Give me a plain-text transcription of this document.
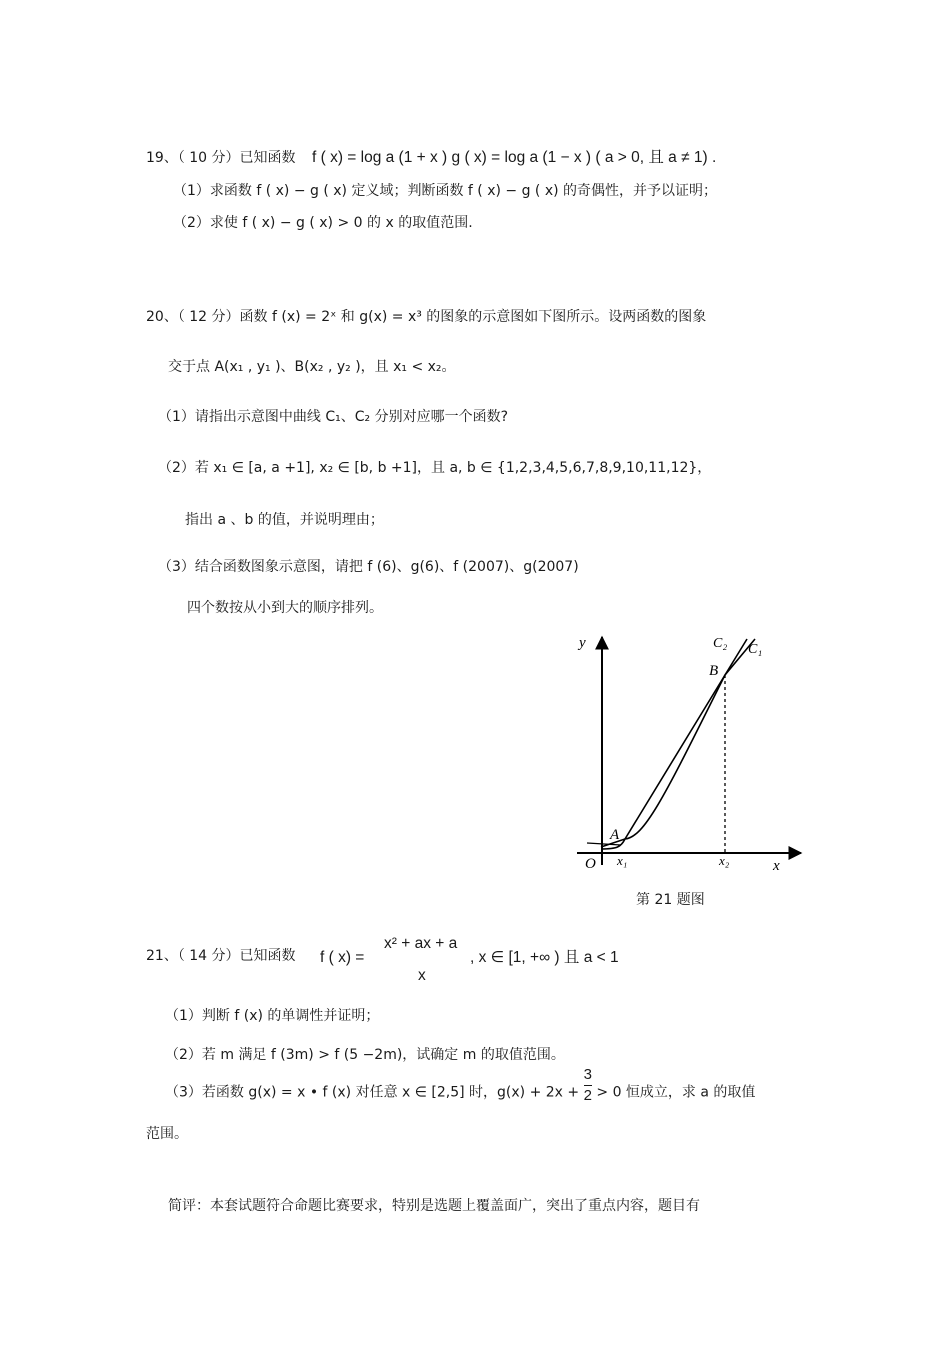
19、（ 10 分）已知函数 f ( x) = log a (1 + x ) g ( x) = log a (1 − x ) ( a > 0, 且 a ≠ 1) .
（1）求函数 f ( x) − g ( x) 定义域；判断函数 f ( x) − g ( x) 的奇偶性，并予以证明；
（2）求使 f ( x) − g ( x) > 0 的 x 的取值范围.
20、（ 12 分）函数 f (x) = 2ˣ 和 g(x) = x³ 的图象的示意图如下图所示。设两函数的图象
交于点 A(x₁ , y₁ )、B(x₂ , y₂ )，且 x₁ < x₂。
（1）请指出示意图中曲线 C₁、C₂ 分别对应哪一个函数?
（2）若 x₁ ∈ [a, a +1], x₂ ∈ [b, b +1]，且 a, b ∈ {1,2,3,4,5,6,7,8,9,10,11,12}，
指出 a 、b 的值，并说明理由；
（3）结合函数图象示意图，请把 f (6)、g(6)、f (2007)、g(2007)
四个数按从小到大的顺序排列。
y
x
O
A
B
x₁	x₂
C₂ C₁
第 21 题图
21、（ 14 分）已知函数 f ( x) =
x² + ax + a
x
, x ∈ [1, +∞ ) 且 a < 1
（1）判断 f (x) 的单调性并证明；
（2）若 m 满足 f (3m) > f (5 −2m)，试确定 m 的取值范围。
（3）若函数 g(x) = x • f (x) 对任意 x ∈ [2,5] 时，$g(x) + 2x + \frac{3}{2} > 0$ 恒成立，求 a 的取值
范围。
简评：本套试题符合命题比赛要求，特别是选题上覆盖面广，突出了重点内容，题目有
